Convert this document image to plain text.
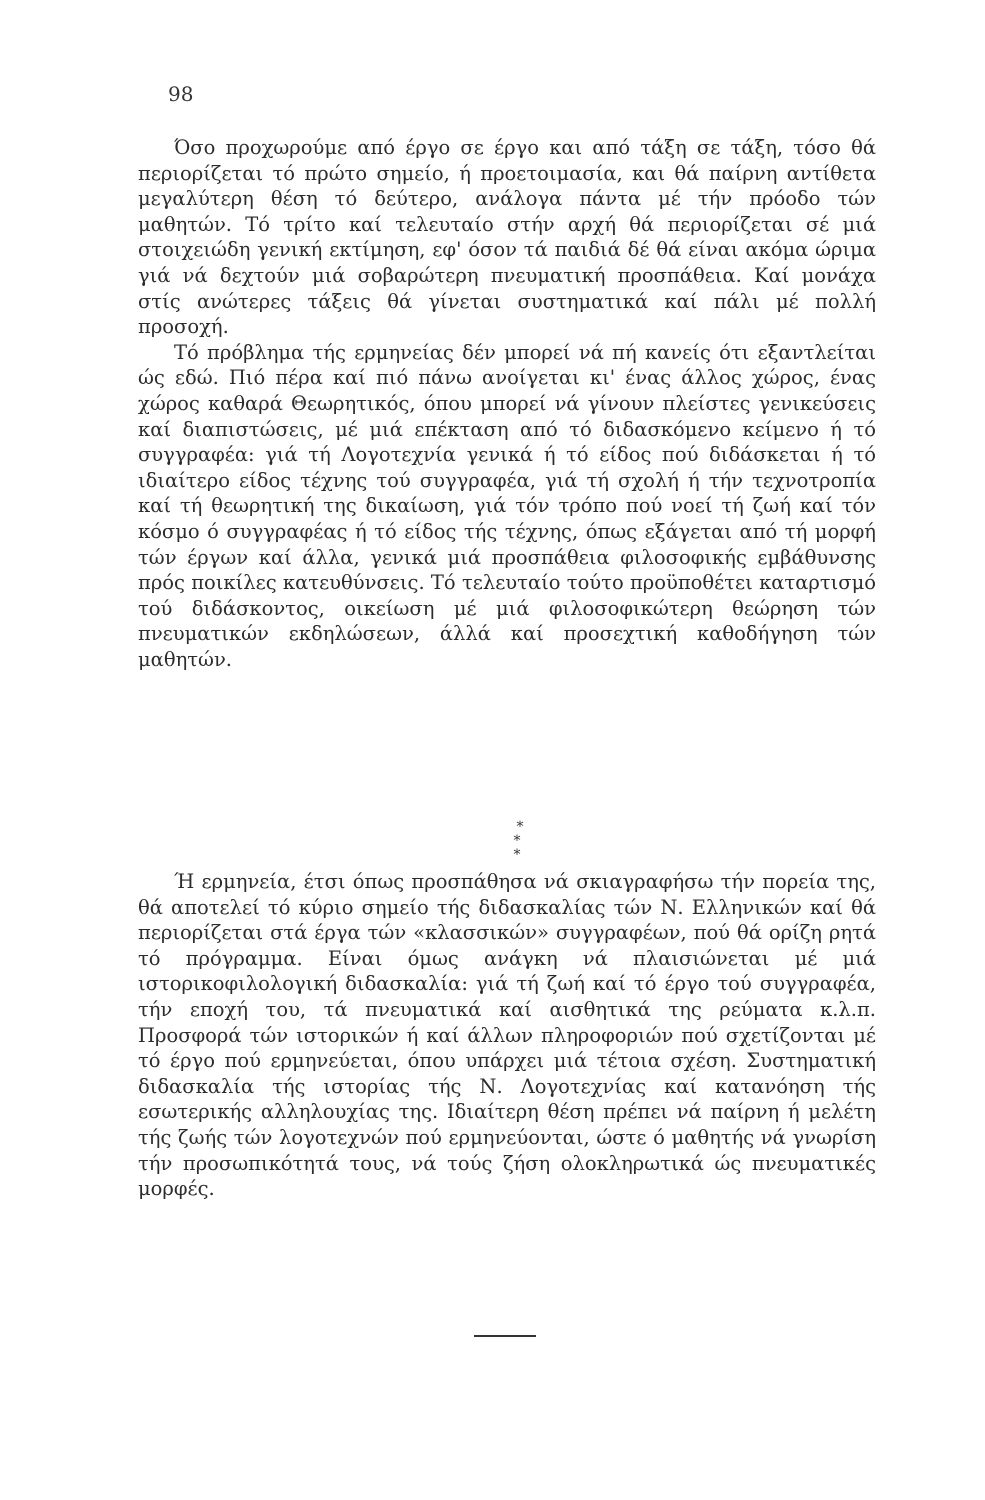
98

Όσο προχωρούμε από έργο σε έργο και από τάξη σε τάξη, τόσο θά περιορίζεται τό πρώτο σημείο, ή προετοιμασία, και θά παίρνη αντίθετα μεγαλύτερη θέση τό δεύτερο, ανάλογα πάντα μέ τήν πρόοδο τών μαθητών. Τό τρίτο καί τελευταίο στήν αρχή θά περιορίζεται σέ μιά στοιχειώδη γενική εκτίμηση, εφ' όσον τά παιδιά δέ θά είναι ακόμα ώριμα γιά νά δεχτούν μιά σοβαρώτερη πνευματική προσπάθεια. Καί μονάχα στίς ανώτερες τάξεις θά γίνεται συστηματικά καί πάλι μέ πολλή προσοχή.

Τό πρόβλημα τής ερμηνείας δέν μπορεί νά πή κανείς ότι εξαντλείται ώς εδώ. Πιό πέρα καί πιό πάνω ανοίγεται κι' ένας άλλος χώρος, ένας χώρος καθαρά Θεωρητικός, όπου μπορεί νά γίνουν πλείστες γενικεύσεις καί διαπιστώσεις, μέ μιά επέκταση από τό διδασκόμενο κείμενο ή τό συγγραφέα: γιά τή Λογοτεχνία γενικά ή τό είδος πού διδάσκεται ή τό ιδιαίτερο είδος τέχνης τού συγγραφέα, γιά τή σχολή ή τήν τεχνοτροπία καί τή θεωρητική της δικαίωση, γιά τόν τρόπο πού νοεί τή ζωή καί τόν κόσμο ό συγγραφέας ή τό είδος τής τέχνης, όπως εξάγεται από τή μορφή τών έργων καί άλλα, γενικά μιά προσπάθεια φιλοσοφικής εμβάθυνσης πρός ποικίλες κατευθύνσεις. Τό τελευταίο τούτο προϋποθέτει καταρτισμό τού διδάσκοντος, οικείωση μέ μιά φιλοσοφικώτερη θεώρηση τών πνευματικών εκδηλώσεων, άλλά καί προσεχτική καθοδήγηση τών μαθητών.

*
* *

Ή ερμηνεία, έτσι όπως προσπάθησα νά σκιαγραφήσω τήν πορεία της, θά αποτελεί τό κύριο σημείο τής διδασκαλίας τών Ν. Ελληνικών καί θά περιορίζεται στά έργα τών «κλασσικών» συγγραφέων, πού θά ορίζη ρητά τό πρόγραμμα. Είναι όμως ανάγκη νά πλαισιώνεται μέ μιά ιστορικοφιλολογική διδασκαλία: γιά τή ζωή καί τό έργο τού συγγραφέα, τήν εποχή του, τά πνευματικά καί αισθητικά της ρεύματα κ.λ.π. Προσφορά τών ιστορικών ή καί άλλων πληροφοριών πού σχετίζονται μέ τό έργο πού ερμηνεύεται, όπου υπάρχει μιά τέτοια σχέση. Συστηματική διδασκαλία τής ιστορίας τής Ν. Λογοτεχνίας καί κατανόηση τής εσωτερικής αλληλουχίας της. Ιδιαίτερη θέση πρέπει νά παίρνη ή μελέτη τής ζωής τών λογοτεχνών πού ερμηνεύονται, ώστε ό μαθητής νά γνωρίση τήν προσωπικότητά τους, νά τούς ζήση ολοκληρωτικά ώς πνευματικές μορφές.
